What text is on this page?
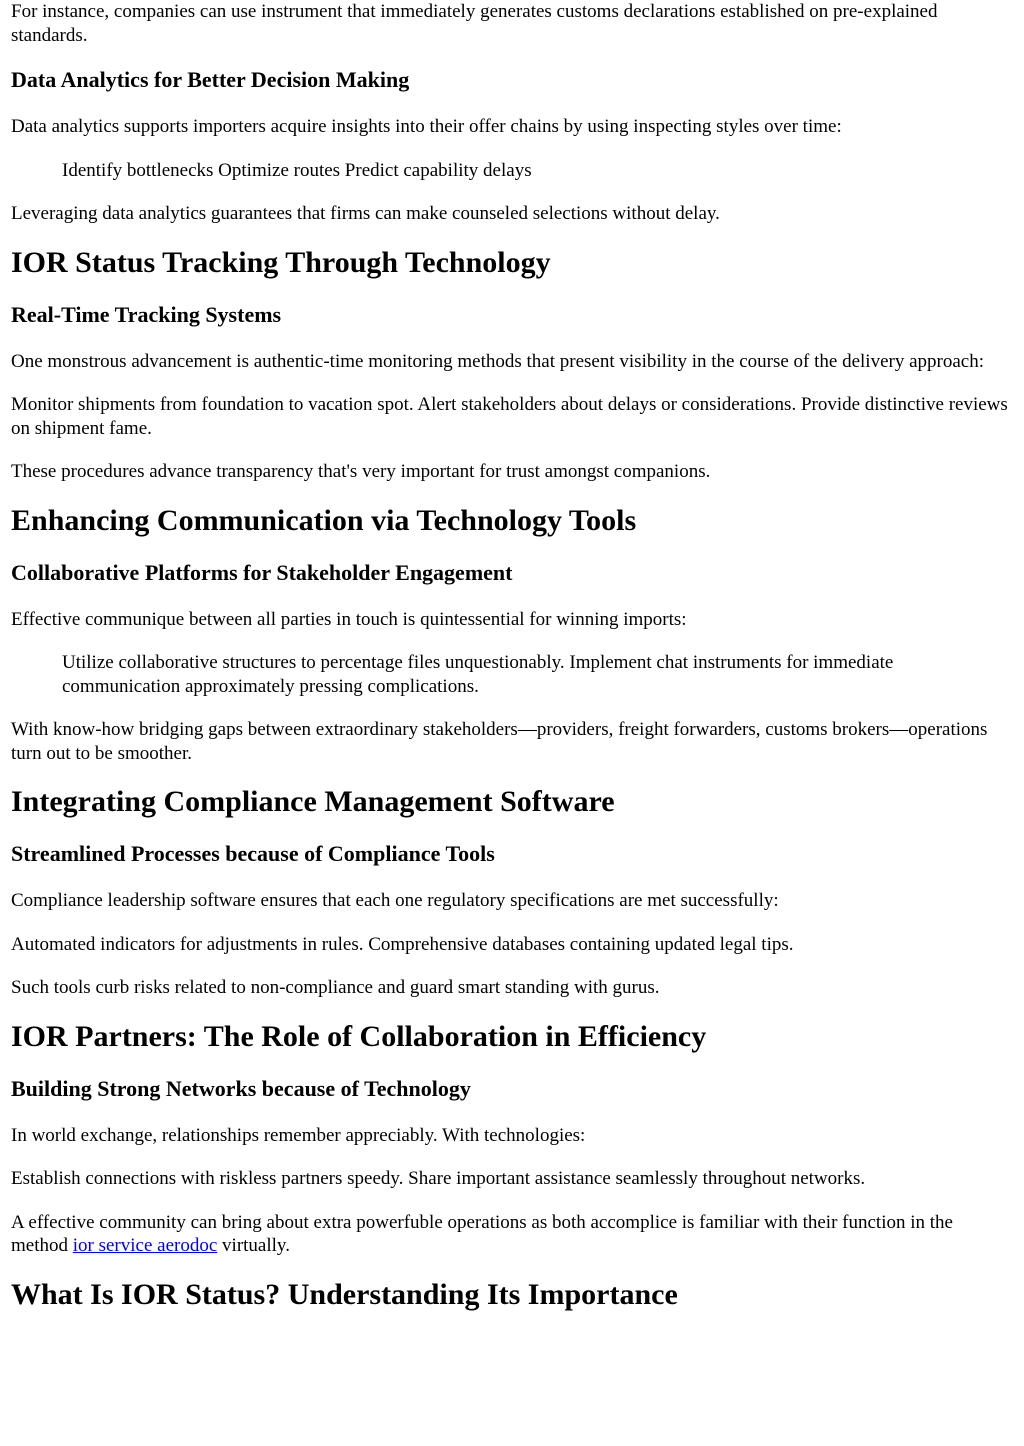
For instance, companies can use instrument that immediately generates customs declarations established on pre-explained standards.

Data Analytics for Better Decision Making

Data analytics supports importers acquire insights into their offer chains by using inspecting styles over time:

Identify bottlenecks Optimize routes Predict capability delays

Leveraging data analytics guarantees that firms can make counseled selections without delay.

IOR Status Tracking Through Technology
Real-Time Tracking Systems

One monstrous advancement is authentic-time monitoring methods that present visibility in the course of the delivery approach:

Monitor shipments from foundation to vacation spot. Alert stakeholders about delays or considerations. Provide distinctive reviews on shipment fame.

These procedures advance transparency that's very important for trust amongst companions.

Enhancing Communication via Technology Tools
Collaborative Platforms for Stakeholder Engagement

Effective communique between all parties in touch is quintessential for winning imports:

Utilize collaborative structures to percentage files unquestionably. Implement chat instruments for immediate communication approximately pressing complications.

With know-how bridging gaps between extraordinary stakeholders—providers, freight forwarders, customs brokers—operations turn out to be smoother.

Integrating Compliance Management Software
Streamlined Processes because of Compliance Tools

Compliance leadership software ensures that each one regulatory specifications are met successfully:

Automated indicators for adjustments in rules. Comprehensive databases containing updated legal tips.

Such tools curb risks related to non-compliance and guard smart standing with gurus.

IOR Partners: The Role of Collaboration in Efficiency
Building Strong Networks because of Technology

In world exchange, relationships remember appreciably. With technologies:

Establish connections with riskless partners speedy. Share important assistance seamlessly throughout networks.

A effective community can bring about extra powerfuble operations as both accomplice is familiar with their function in the method ior service aerodoc virtually.

What Is IOR Status? Understanding Its Importance
